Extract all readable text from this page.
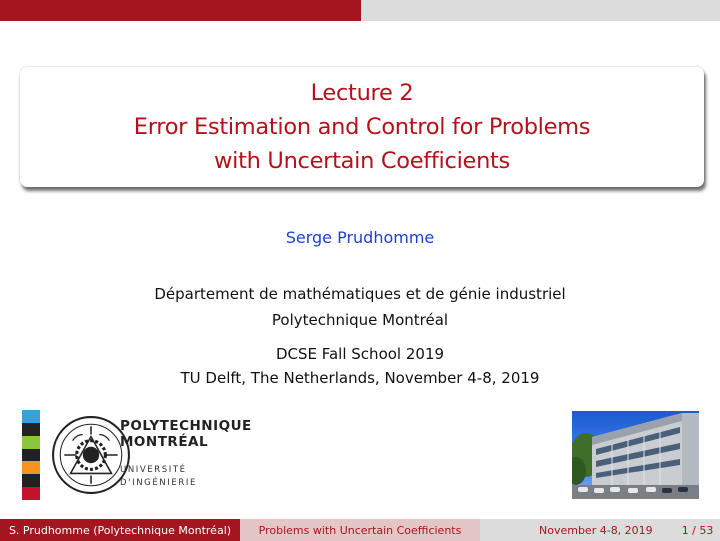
Lecture 2
Error Estimation and Control for Problems
with Uncertain Coefficients
Serge Prudhomme
Département de mathématiques et de génie industriel
Polytechnique Montréal
DCSE Fall School 2019
TU Delft, The Netherlands, November 4-8, 2019
POLYTECHNIQUE
MONTRÉAL
UNIVERSITÉ
D'INGÉNIERIE
S. Prudhomme (Polytechnique Montréal)	Problems with Uncertain Coefficients	November 4-8, 2019	1 / 53
